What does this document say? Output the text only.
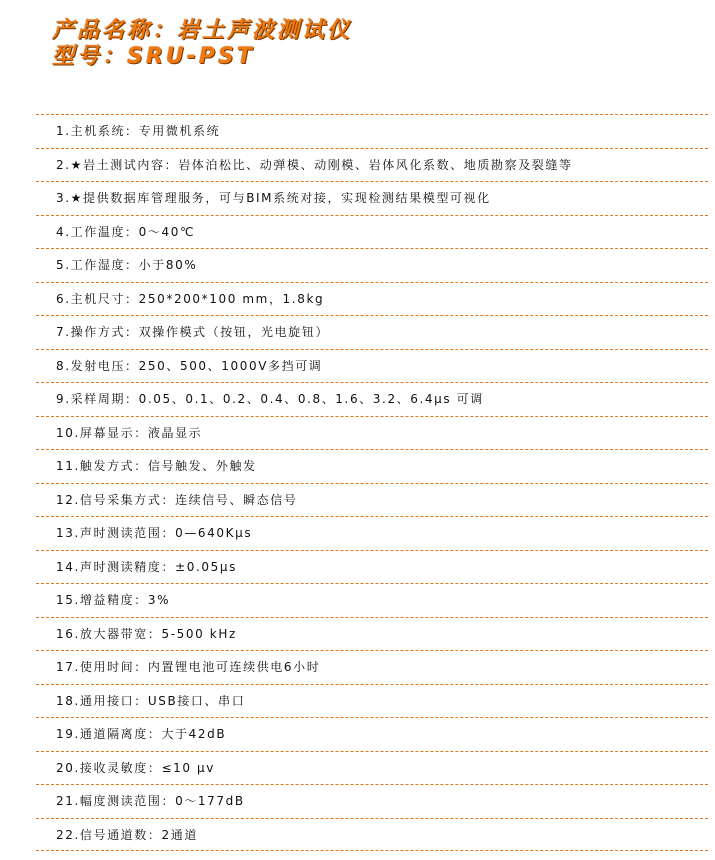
产品名称：岩土声波测试仪
型号：SRU-PST
1.主机系统：专用微机系统
2.★岩土测试内容：岩体泊松比、动弹模、动刚模、岩体风化系数、地质勘察及裂缝等
3.★提供数据库管理服务，可与BIM系统对接，实现检测结果模型可视化
4.工作温度：0～40℃
5.工作湿度：小于80%
6.主机尺寸：250*200*100 mm，1.8kg
7.操作方式：双操作模式（按钮，光电旋钮）
8.发射电压：250、500、1000V多挡可调
9.采样周期：0.05、0.1、0.2、0.4、0.8、1.6、3.2、6.4μs 可调
10.屏幕显示：液晶显示
11.触发方式：信号触发、外触发
12.信号采集方式：连续信号、瞬态信号
13.声时测读范围：0—640Kμs
14.声时测读精度：±0.05μs
15.增益精度：3%
16.放大器带宽：5-500 kHz
17.使用时间：内置锂电池可连续供电6小时
18.通用接口：USB接口、串口
19.通道隔离度：大于42dB
20.接收灵敏度：≤10 μv
21.幅度测读范围：0～177dB
22.信号通道数：2通道
